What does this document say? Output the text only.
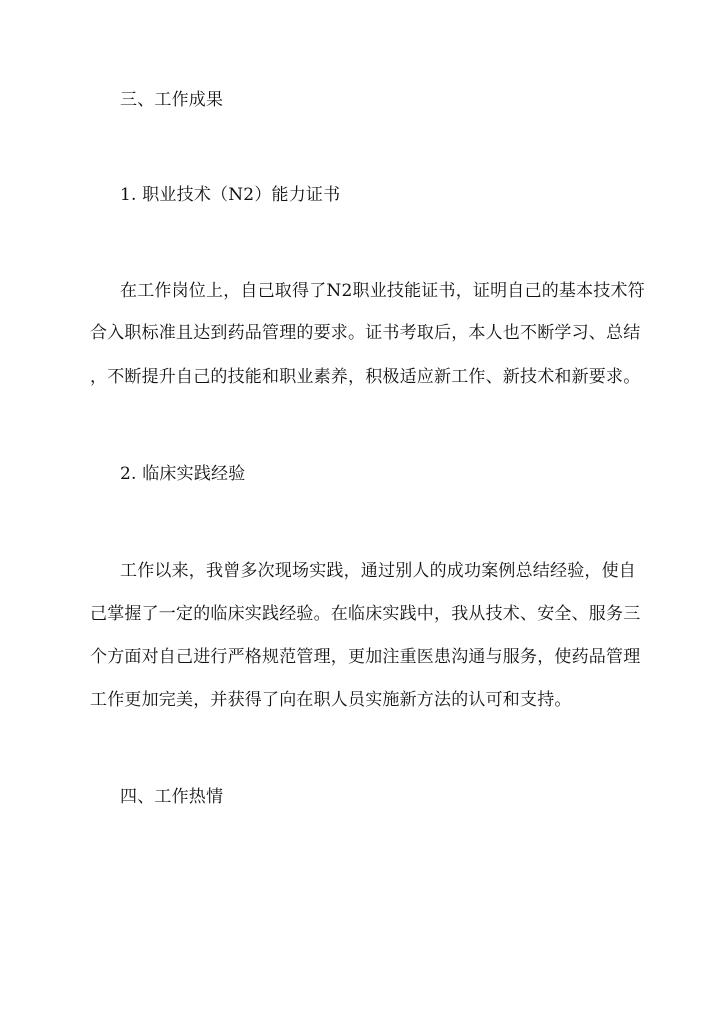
三、工作成果
1. 职业技术（N2）能力证书
在工作岗位上，自己取得了N2职业技能证书，证明自己的基本技术符
合入职标准且达到药品管理的要求。证书考取后，本人也不断学习、总结
，不断提升自己的技能和职业素养，积极适应新工作、新技术和新要求。
2. 临床实践经验
工作以来，我曾多次现场实践，通过别人的成功案例总结经验，使自
己掌握了一定的临床实践经验。在临床实践中，我从技术、安全、服务三
个方面对自己进行严格规范管理，更加注重医患沟通与服务，使药品管理
工作更加完美，并获得了向在职人员实施新方法的认可和支持。
四、工作热情
